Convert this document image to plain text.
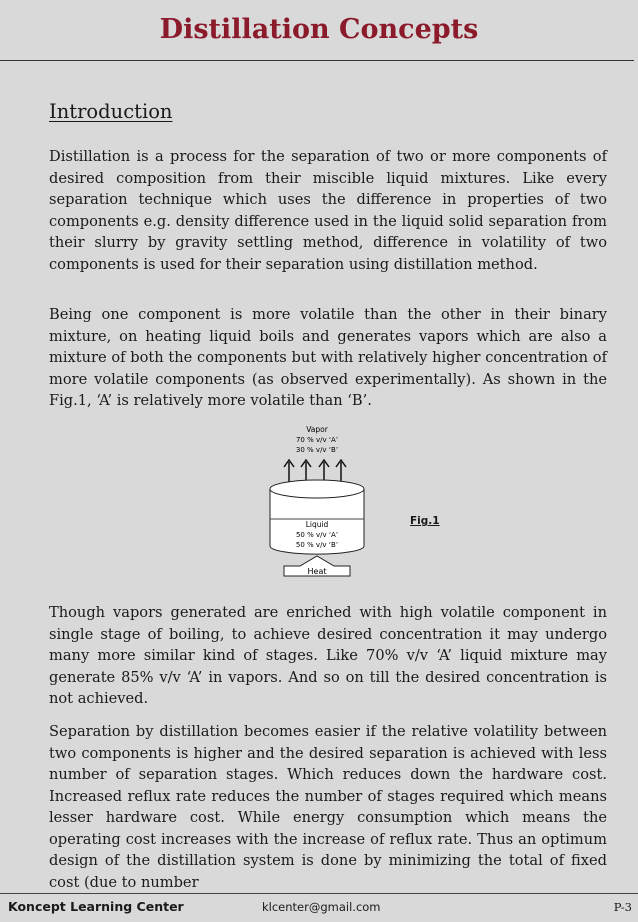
Distillation Concepts
Introduction

Distillation is a process for the separation of two or more components of desired composition from their miscible liquid mixtures. Like every separation technique which uses the difference in properties of two components e.g. density difference used in the liquid solid separation from their slurry by gravity settling method, difference in volatility of two components is used for their separation using distillation method.

Being one component is more volatile than the other in their binary mixture, on heating liquid boils and generates vapors which are also a mixture of both the components but with relatively higher concentration of more volatile components (as observed experimentally). As shown in the Fig.1, ‘A’ is relatively more volatile than ‘B’.

Vapor
70 % v/v ‘A’
30 % v/v ‘B’
Liquid
50 % v/v ‘A’
50 % v/v ‘B’
Heat
Fig.1

Though vapors generated are enriched with high volatile component in single stage of boiling, to achieve desired concentration it may undergo many more similar kind of stages. Like 70% v/v ‘A’ liquid mixture may generate 85% v/v ‘A’ in vapors. And so on till the desired concentration is not achieved.

Separation by distillation becomes easier if the relative volatility between two components is higher and the desired separation is achieved with less number of separation stages. Which reduces down the hardware cost. Increased reflux rate reduces the number of stages required which means lesser hardware cost. While energy consumption which means the operating cost increases with the increase of reflux rate. Thus an optimum design of the distillation system is done by minimizing the total of fixed cost (due to number

Koncept Learning Center	klcenter@gmail.com	P-3
